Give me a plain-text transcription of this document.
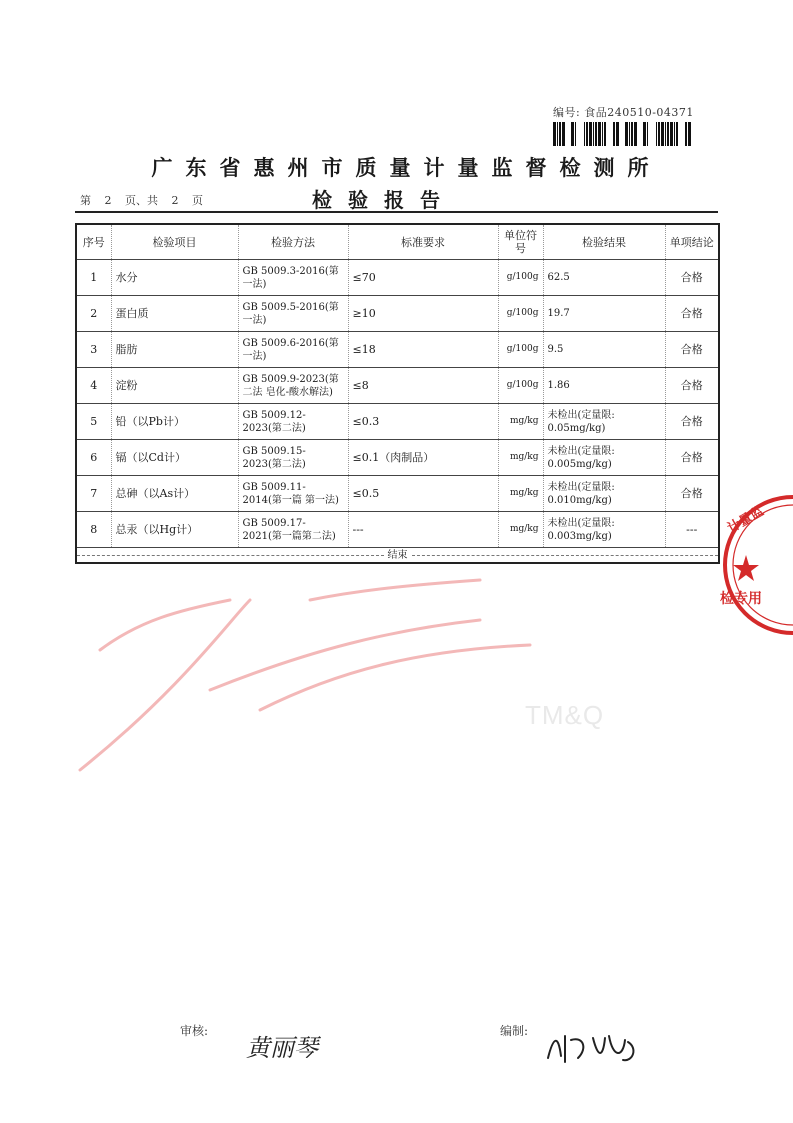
编号: 食品240510-04371
广东省惠州市质量计量监督检测所
第 2 页、共 2 页	检验报告
序号	检验项目	检验方法	标准要求	单位符号	检验结果	单项结论
1	水分	GB 5009.3-2016(第一法)	≤70	g/100g	62.5	合格
2	蛋白质	GB 5009.5-2016(第一法)	≥10	g/100g	19.7	合格
3	脂肪	GB 5009.6-2016(第一法)	≤18	g/100g	9.5	合格
4	淀粉	GB 5009.9-2023(第二法 皂化-酸水解法)	≤8	g/100g	1.86	合格
5	铅（以Pb计）	GB 5009.12-2023(第二法)	≤0.3	mg/kg	未检出(定量限: 0.05mg/kg)	合格
6	镉（以Cd计）	GB 5009.15-2023(第二法)	≤0.1（肉制品）	mg/kg	未检出(定量限: 0.005mg/kg)	合格
7	总砷（以As计）	GB 5009.11-2014(第一篇 第一法)	≤0.5	mg/kg	未检出(定量限: 0.010mg/kg)	合格
8	总汞（以Hg计）	GB 5009.17-2021(第一篇第二法)	---	mg/kg	未检出(定量限: 0.003mg/kg)	---

结束						
TM&Q
计量监
检专用
审核:
黄丽琴
编制:
